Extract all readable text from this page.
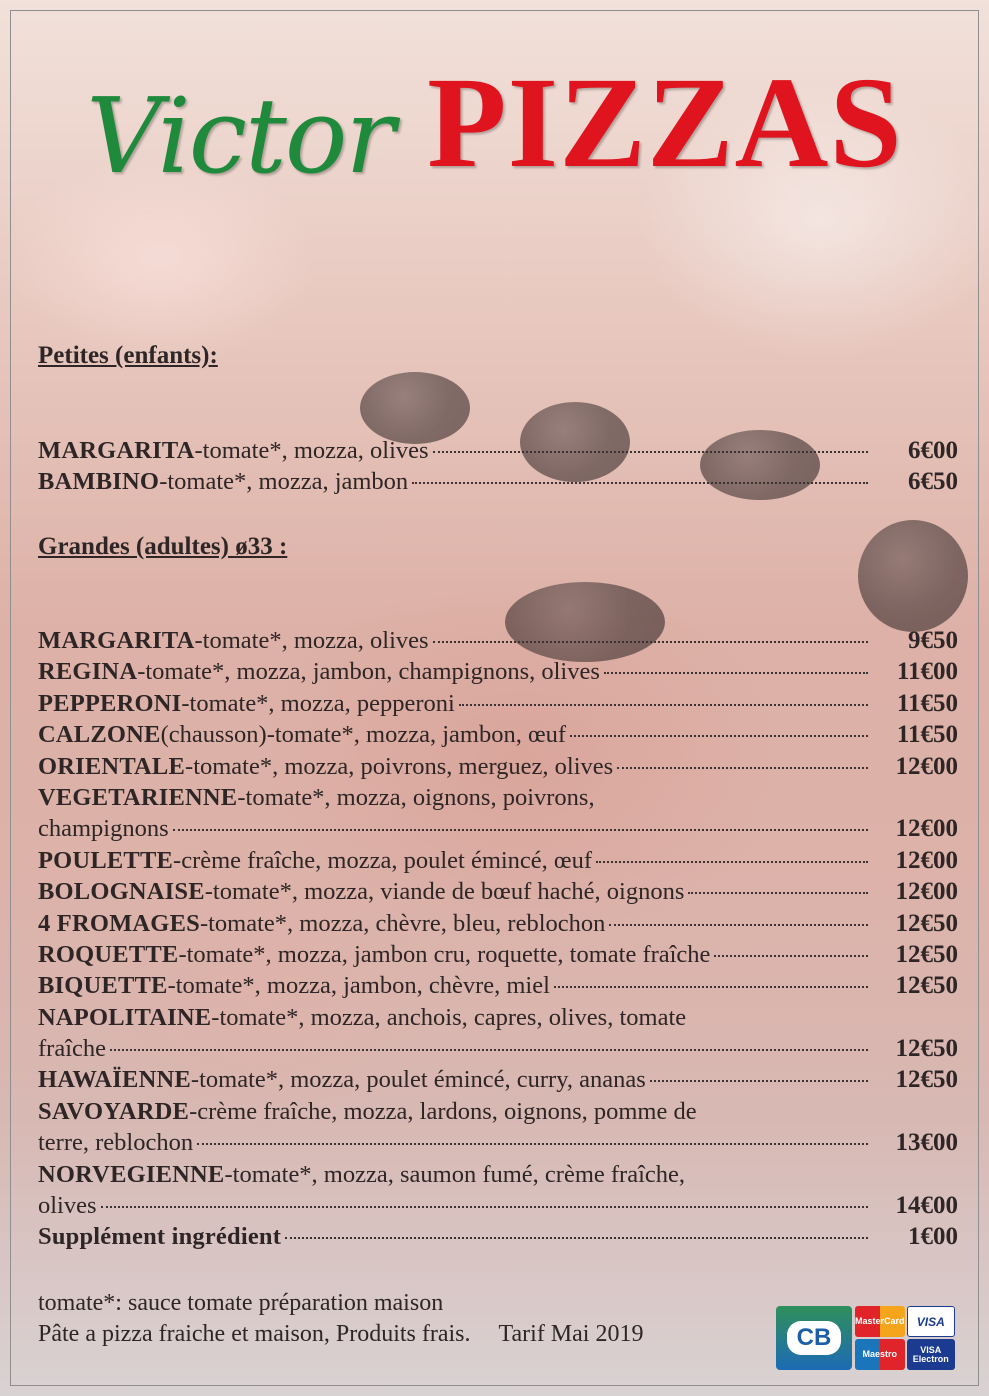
Victor PIZZAS
Petites (enfants):
MARGARITA -tomate*, mozza, olives	6€00
BAMBINO -tomate*, mozza, jambon	6€50
Grandes (adultes) ø33 :
MARGARITA -tomate*, mozza, olives	9€50
REGINA -tomate*, mozza, jambon, champignons, olives	11€00
PEPPERONI -tomate*, mozza, pepperoni	11€50
CALZONE (chausson)-tomate*, mozza, jambon, œuf	11€50
ORIENTALE -tomate*, mozza, poivrons, merguez, olives	12€00
VEGETARIENNE -tomate*, mozza, oignons, poivrons,
champignons	12€00
POULETTE -crème fraîche, mozza, poulet émincé, œuf	12€00
BOLOGNAISE -tomate*, mozza, viande de bœuf haché, oignons	12€00
4 FROMAGES -tomate*, mozza, chèvre, bleu, reblochon	12€50
ROQUETTE -tomate*, mozza, jambon cru, roquette, tomate fraîche	12€50
BIQUETTE -tomate*, mozza, jambon, chèvre, miel	12€50
NAPOLITAINE -tomate*, mozza, anchois, capres, olives, tomate
fraîche	12€50
HAWAÏENNE -tomate*, mozza, poulet émincé, curry, ananas	12€50
SAVOYARDE -crème fraîche, mozza, lardons, oignons, pomme de
terre, reblochon	13€00
NORVEGIENNE -tomate*, mozza, saumon fumé, crème fraîche,
olives	14€00
Supplément ingrédient	1€00
tomate*: sauce tomate préparation maison
Pâte a pizza fraiche et maison, Produits frais. Tarif Mai 2019	CB
MasterCard	VISA
Maestro	VISA Electron
